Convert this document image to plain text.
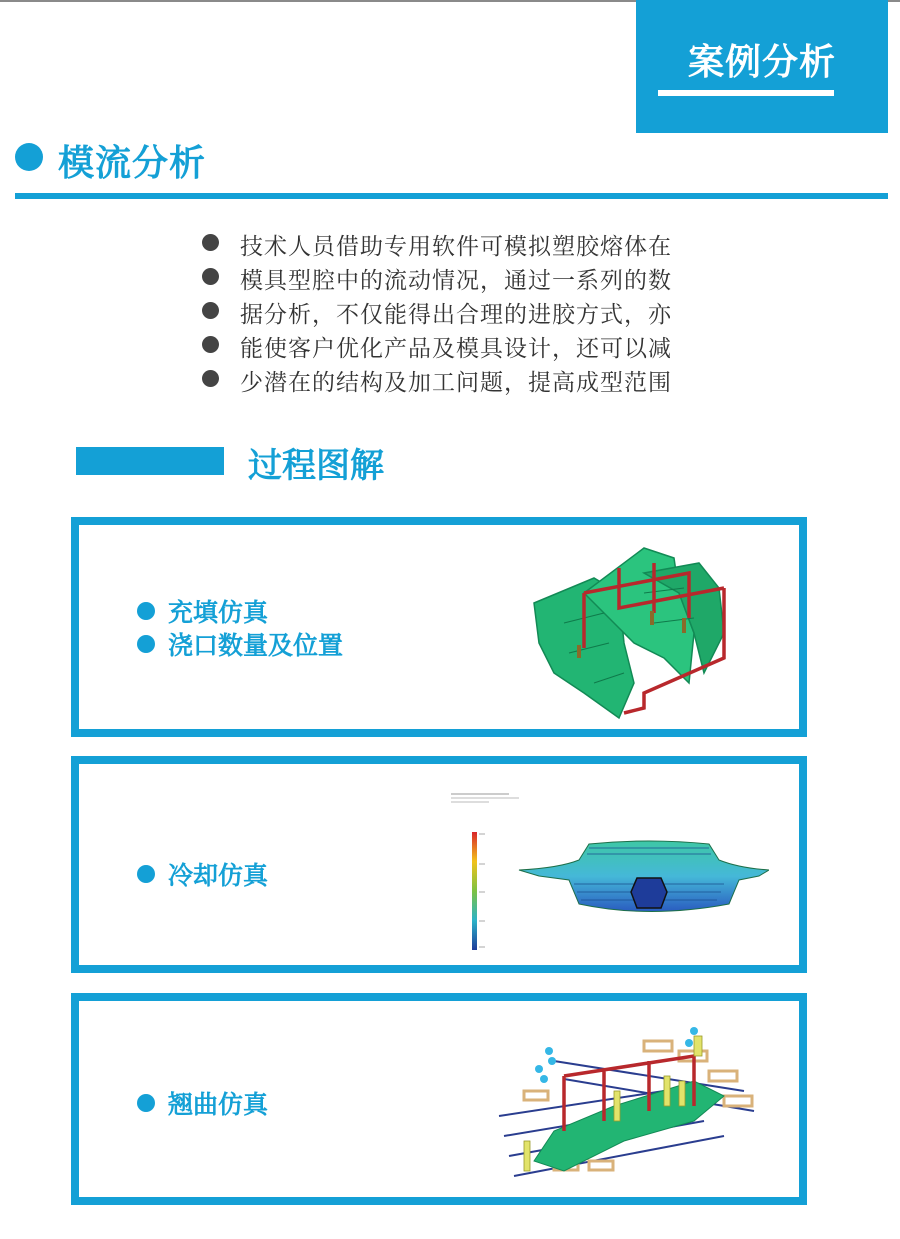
案例分析
模流分析
技术人员借助专用软件可模拟塑胶熔体在
模具型腔中的流动情况，通过一系列的数
据分析，不仅能得出合理的进胶方式，亦
能使客户优化产品及模具设计，还可以减
少潜在的结构及加工问题，提高成型范围
过程图解
充填仿真
浇口数量及位置
冷却仿真
翘曲仿真
